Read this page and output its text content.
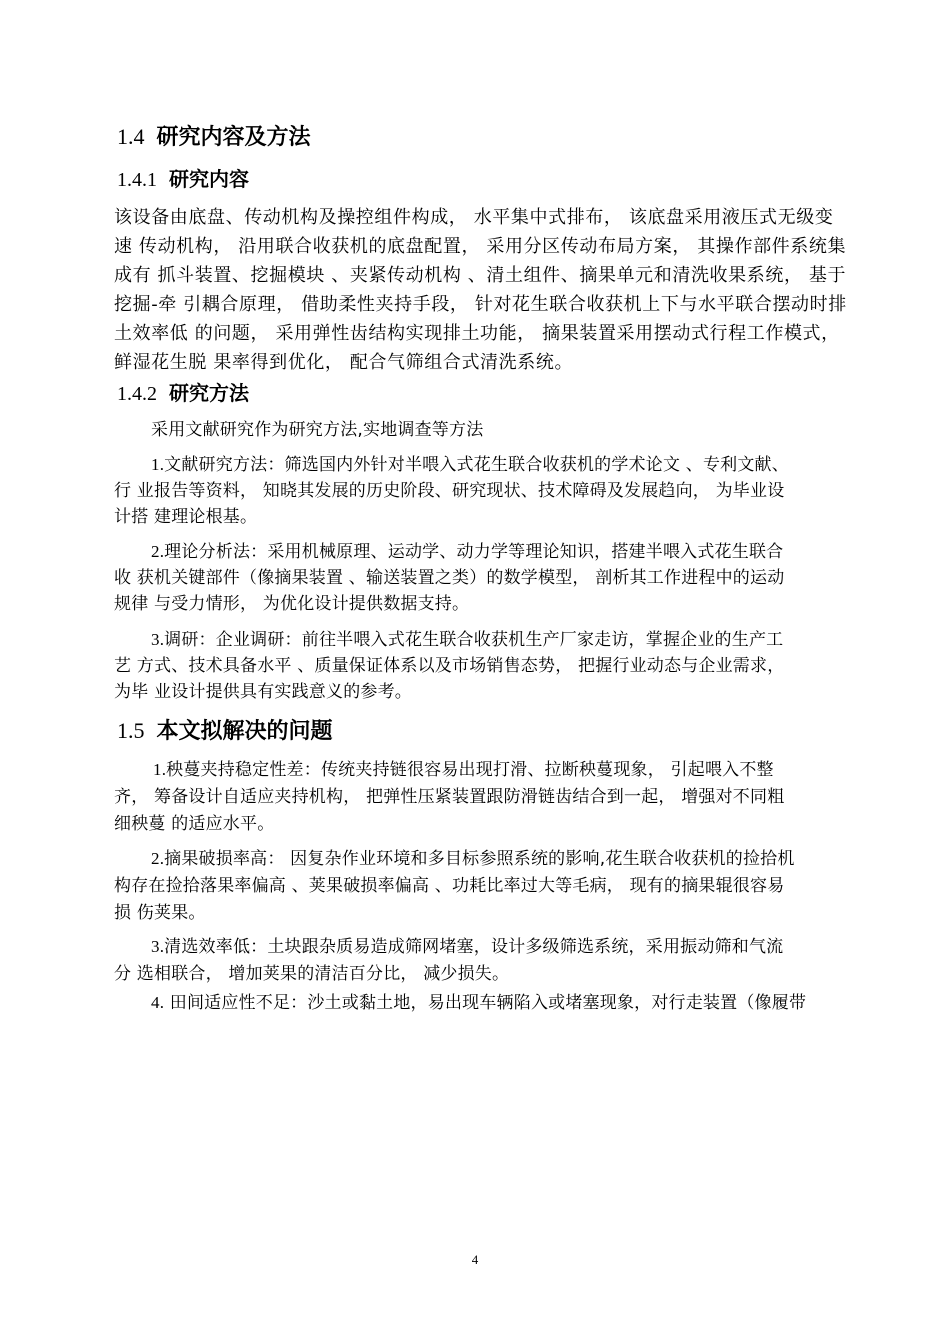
1.4 研究内容及方法
1.4.1 研究内容
该设备由底盘、传动机构及操控组件构成， 水平集中式排布， 该底盘采用液压式无级变
速 传动机构， 沿用联合收获机的底盘配置， 采用分区传动布局方案， 其操作部件系统集
成有 抓斗装置、挖掘模块 、夹紧传动机构 、清土组件、摘果单元和清洗收果系统， 基于
挖掘-牵 引耦合原理， 借助柔性夹持手段， 针对花生联合收获机上下与水平联合摆动时排
土效率低 的问题， 采用弹性齿结构实现排土功能， 摘果装置采用摆动式行程工作模式，
鲜湿花生脱 果率得到优化， 配合气筛组合式清洗系统。
1.4.2 研究方法
采用文献研究作为研究方法,实地调查等方法
1.文献研究方法：筛选国内外针对半喂入式花生联合收获机的学术论文 、专利文献、
行 业报告等资料， 知晓其发展的历史阶段、研究现状、技术障碍及发展趋向， 为毕业设
计搭 建理论根基。
2.理论分析法：采用机械原理、运动学、动力学等理论知识，搭建半喂入式花生联合
收 获机关键部件（像摘果装置 、输送装置之类）的数学模型， 剖析其工作进程中的运动
规律 与受力情形， 为优化设计提供数据支持。
3.调研：企业调研：前往半喂入式花生联合收获机生产厂家走访，掌握企业的生产工
艺 方式、技术具备水平 、质量保证体系以及市场销售态势， 把握行业动态与企业需求，
为毕 业设计提供具有实践意义的参考。
1.5 本文拟解决的问题
1.秧蔓夹持稳定性差：传统夹持链很容易出现打滑、拉断秧蔓现象， 引起喂入不整
齐， 筹备设计自适应夹持机构， 把弹性压紧装置跟防滑链齿结合到一起， 增强对不同粗
细秧蔓 的适应水平。
2.摘果破损率高： 因复杂作业环境和多目标参照系统的影响,花生联合收获机的捡拾机
构存在捡拾落果率偏高 、荚果破损率偏高 、功耗比率过大等毛病， 现有的摘果辊很容易
损 伤荚果。
3.清选效率低：土块跟杂质易造成筛网堵塞，设计多级筛选系统，采用振动筛和气流
分 选相联合， 增加荚果的清洁百分比， 减少损失。
4. 田间适应性不足：沙土或黏土地，易出现车辆陷入或堵塞现象，对行走装置（像履带
4
